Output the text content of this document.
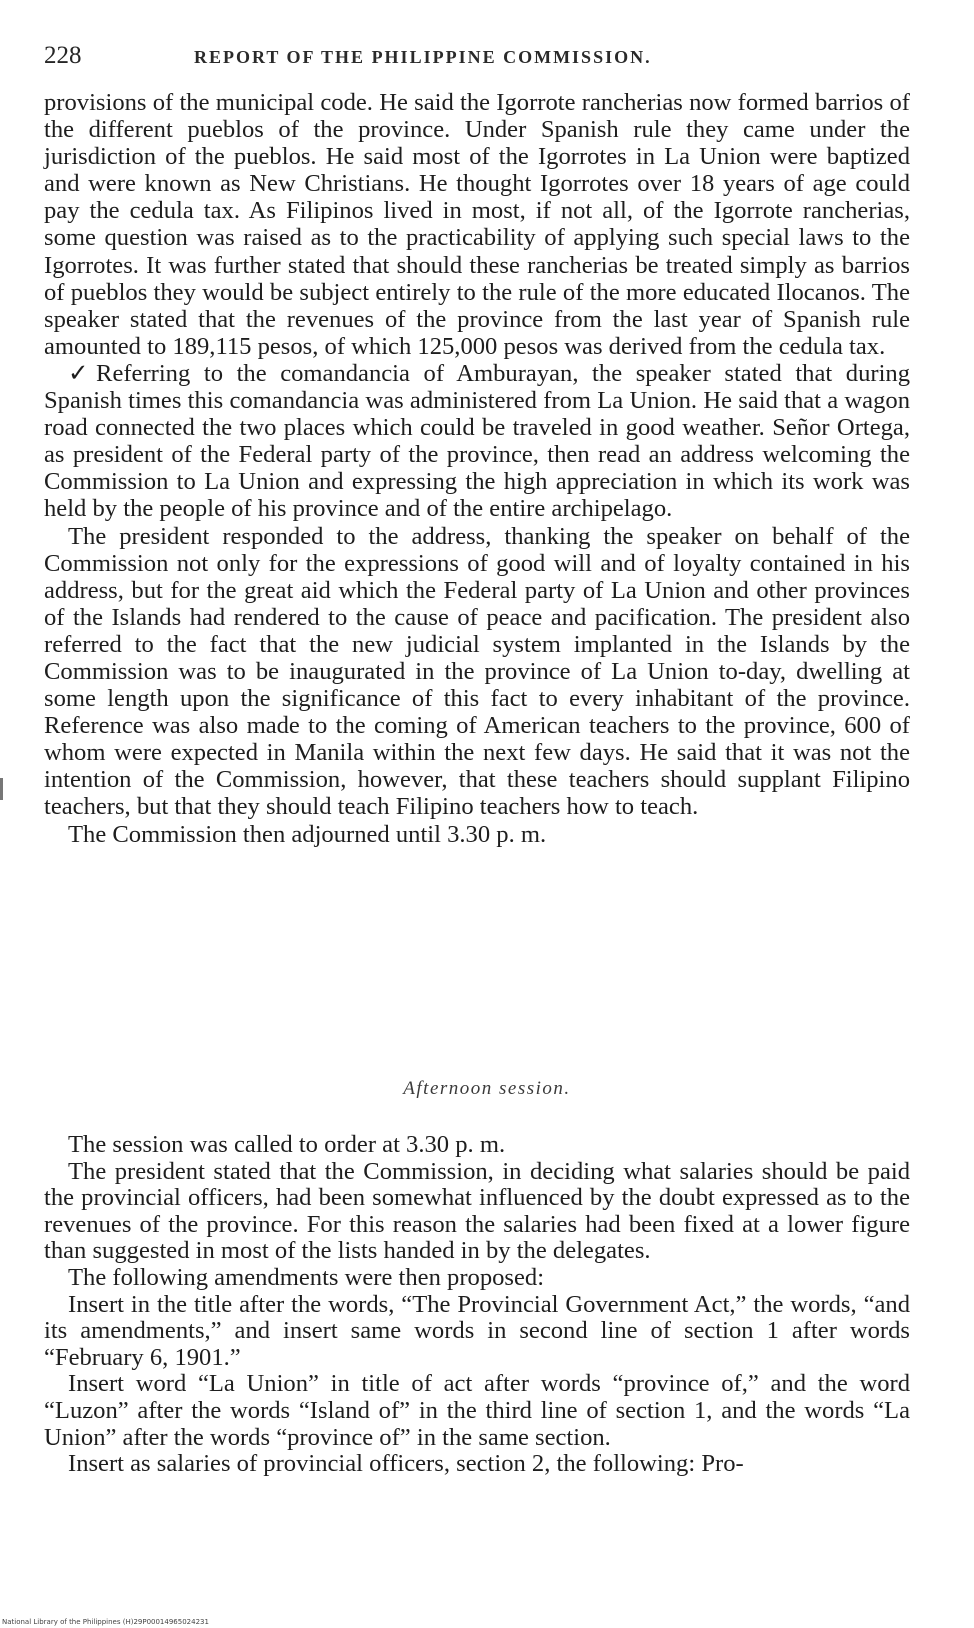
228	REPORT OF THE PHILIPPINE COMMISSION.

provisions of the municipal code. He said the Igorrote rancherias now formed barrios of the different pueblos of the province. Under Spanish rule they came under the jurisdiction of the pueblos. He said most of the Igorrotes in La Union were baptized and were known as New Christians. He thought Igorrotes over 18 years of age could pay the cedula tax. As Filipinos lived in most, if not all, of the Igorrote rancherias, some question was raised as to the practicability of applying such special laws to the Igorrotes. It was further stated that should these rancherias be treated simply as barrios of pueblos they would be subject entirely to the rule of the more educated Ilocanos. The speaker stated that the revenues of the province from the last year of Spanish rule amounted to 189,115 pesos, of which 125,000 pesos was derived from the cedula tax.

✓Referring to the comandancia of Amburayan, the speaker stated that during Spanish times this comandancia was administered from La Union. He said that a wagon road connected the two places which could be traveled in good weather. Señor Ortega, as president of the Federal party of the province, then read an address welcoming the Commission to La Union and expressing the high appreciation in which its work was held by the people of his province and of the entire archipelago.

The president responded to the address, thanking the speaker on behalf of the Commission not only for the expressions of good will and of loyalty contained in his address, but for the great aid which the Federal party of La Union and other provinces of the Islands had rendered to the cause of peace and pacification. The president also referred to the fact that the new judicial system implanted in the Islands by the Commission was to be inaugurated in the province of La Union to-day, dwelling at some length upon the significance of this fact to every inhabitant of the province. Reference was also made to the coming of American teachers to the province, 600 of whom were expected in Manila within the next few days. He said that it was not the intention of the Commission, however, that these teachers should supplant Filipino teachers, but that they should teach Filipino teachers how to teach.

The Commission then adjourned until 3.30 p. m.

Afternoon session.

The session was called to order at 3.30 p. m.

The president stated that the Commission, in deciding what salaries should be paid the provincial officers, had been somewhat influenced by the doubt expressed as to the revenues of the province. For this reason the salaries had been fixed at a lower figure than suggested in most of the lists handed in by the delegates.

The following amendments were then proposed:

Insert in the title after the words, “The Provincial Government Act,” the words, “and its amendments,” and insert same words in second line of section 1 after words “February 6, 1901.”

Insert word “La Union” in title of act after words “province of,” and the word “Luzon” after the words “Island of” in the third line of section 1, and the words “La Union” after the words “province of” in the same section.

Insert as salaries of provincial officers, section 2, the following: Pro-

National Library of the Philippines (H)29P00014965024231
